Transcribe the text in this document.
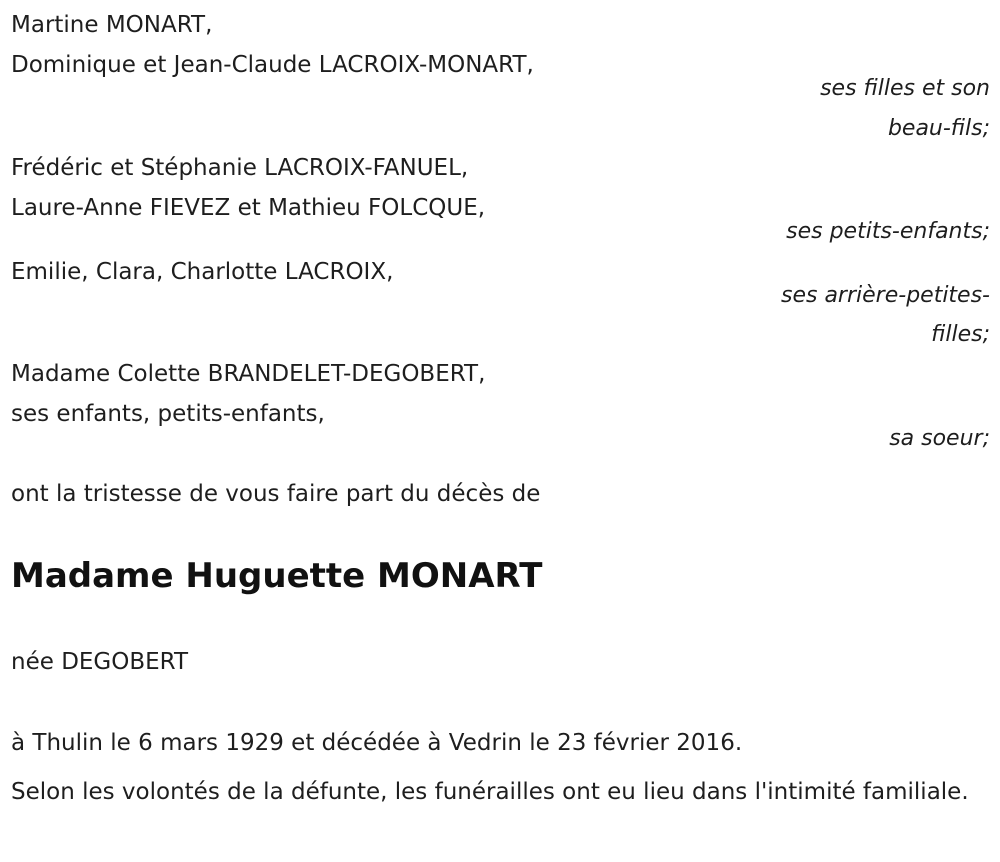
Martine MONART,
Dominique et Jean-Claude LACROIX-MONART,
ses filles et son
beau-fils;
Frédéric et Stéphanie LACROIX-FANUEL,
Laure-Anne FIEVEZ et Mathieu FOLCQUE,
ses petits-enfants;
Emilie, Clara, Charlotte LACROIX,
ses arrière-petites-
filles;
Madame Colette BRANDELET-DEGOBERT,
ses enfants, petits-enfants,
sa soeur;
ont la tristesse de vous faire part du décès de
Madame Huguette MONART
née DEGOBERT
à Thulin le 6 mars 1929 et décédée à Vedrin le 23 février 2016.
Selon les volontés de la défunte, les funérailles ont eu lieu dans l'intimité familiale.
